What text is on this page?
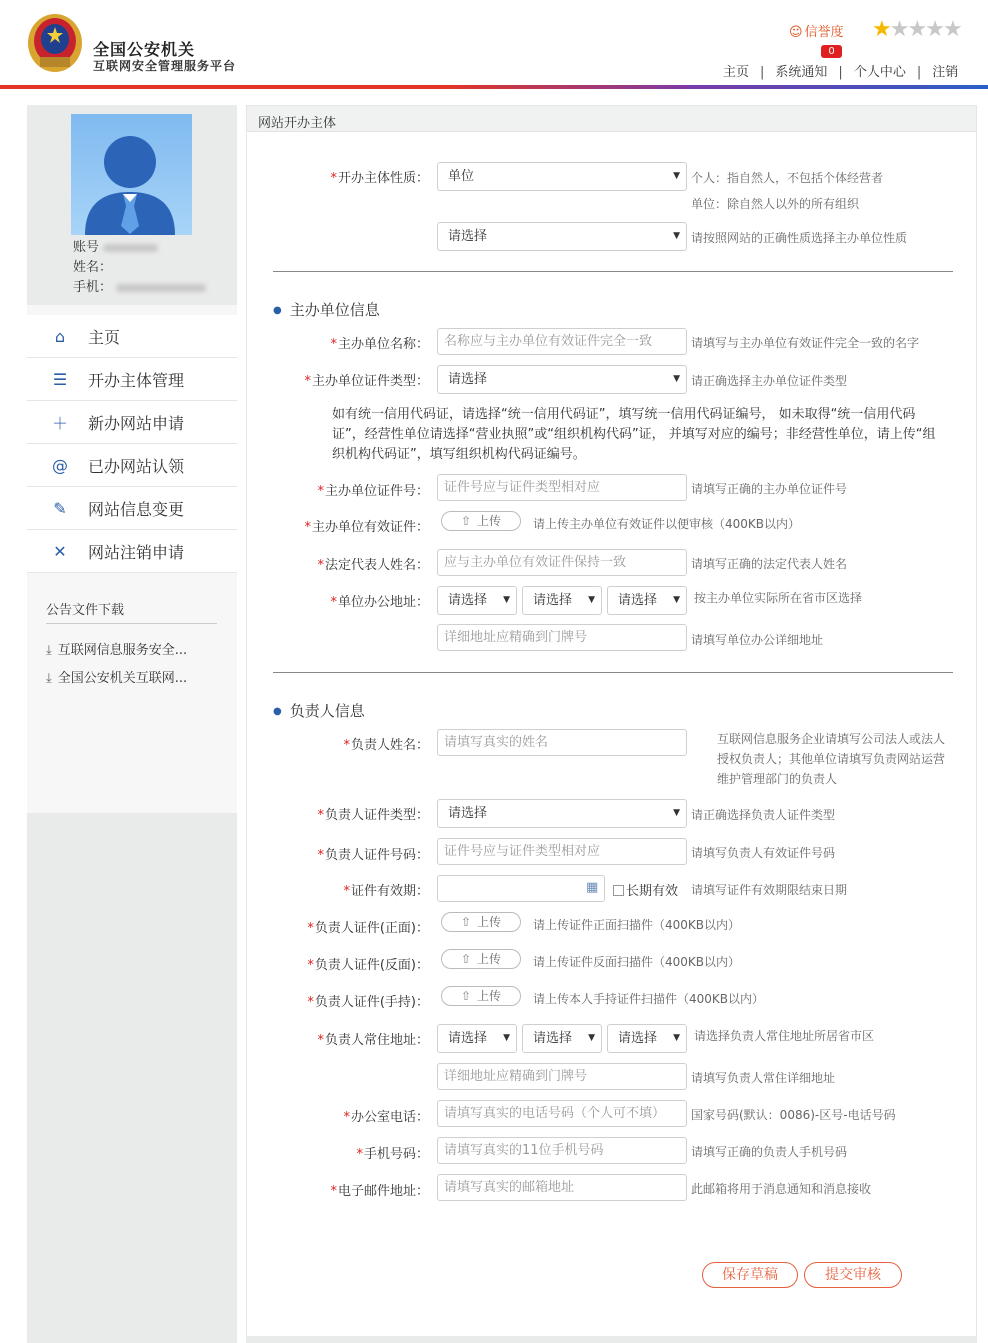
全国公安机关
互联网安全管理服务平台
☺ 信誉度 ★★★★★
0
主页 | 系统通知 | 个人中心 | 注销
账号
姓名：
手机：
⌂	主页
☰ 开办主体管理
＋ 新办网站申请
@ 已办网站认领
✎ 网站信息变更
✕ 网站注销申请
公告文件下载
⤓ 互联网信息服务安全...
⤓ 全国公安机关互联网...
网站开办主体
*开办主体性质：	单位	▼ 个人：指自然人，不包括个体经营者
单位：除自然人以外的所有组织
请选择	▼ 请按照网站的正确性质选择主办单位性质
● 主办单位信息
*主办单位名称：	名称应与主办单位有效证件完全一致	请填写与主办单位有效证件完全一致的名字
*主办单位证件类型：	请选择	▼ 请正确选择主办单位证件类型
如有统一信用代码证，请选择“统一信用代码证”，填写统一信用代码证编号， 如未取得“统一信用代码证”，经营性单位请选择“营业执照”或“组织机构代码”证， 并填写对应的编号；非经营性单位，请上传“组织机构代码证”，填写组织机构代码证编号。
*主办单位证件号：	证件号应与证件类型相对应	请填写正确的主办单位证件号
*主办单位有效证件：	⇧ 上传	请上传主办单位有效证件以便审核（400KB以内）
*法定代表人姓名：	应与主办单位有效证件保持一致	请填写正确的法定代表人姓名
*单位办公地址：	请选择 ▼	请选择 ▼	请选择 ▼ 按主办单位实际所在省市区选择
详细地址应精确到门牌号	请填写单位办公详细地址
● 负责人信息
*负责人姓名：	请填写真实的姓名	互联网信息服务企业请填写公司法人或法人授权负责人；其他单位请填写负责网站运营维护管理部门的负责人
*负责人证件类型：	请选择	▼ 请正确选择负责人证件类型
*负责人证件号码：	证件号应与证件类型相对应	请填写负责人有效证件号码
*证件有效期：	▦	长期有效 请填写证件有效期限结束日期
*负责人证件(正面)：	⇧ 上传	请上传证件正面扫描件（400KB以内）
*负责人证件(反面)：	⇧ 上传	请上传证件反面扫描件（400KB以内）
*负责人证件(手持)：	⇧ 上传	请上传本人手持证件扫描件（400KB以内）
*负责人常住地址：	请选择 ▼	请选择 ▼	请选择 ▼ 请选择负责人常住地址所居省市区
详细地址应精确到门牌号	请填写负责人常住详细地址
*办公室电话：	请填写真实的电话号码（个人可不填）	国家号码(默认：0086)-区号-电话号码
*手机号码：	请填写真实的11位手机号码	请填写正确的负责人手机号码
*电子邮件地址：	请填写真实的邮箱地址	此邮箱将用于消息通知和消息接收
保存草稿	提交审核
